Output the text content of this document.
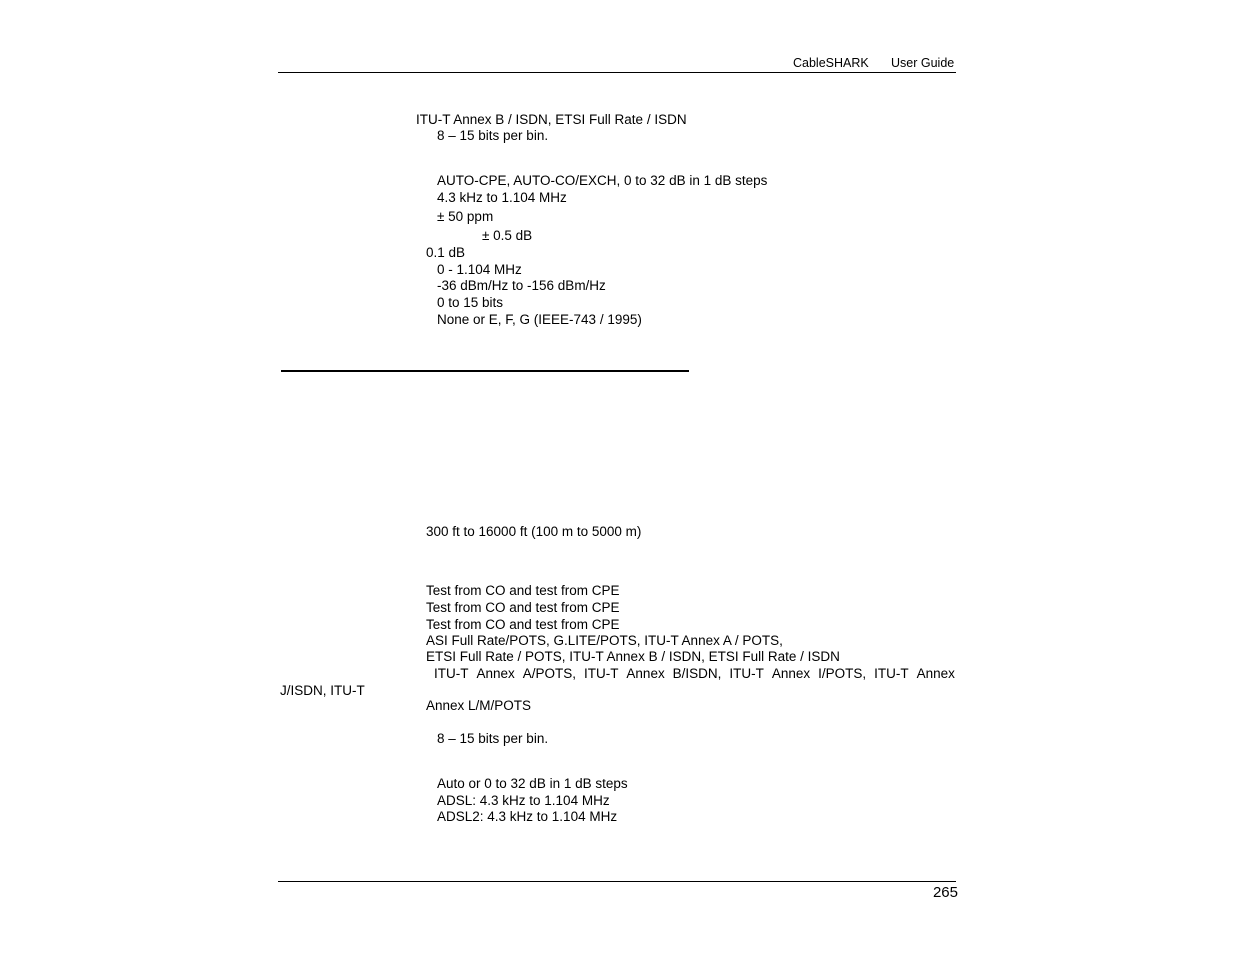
CableSHARK User Guide
ITU-T Annex B / ISDN, ETSI Full Rate / ISDN
8 – 15 bits per bin.
AUTO-CPE, AUTO-CO/EXCH, 0 to 32 dB in 1 dB steps
4.3 kHz to 1.104 MHz
± 50 ppm
± 0.5 dB
0.1 dB
0 - 1.104 MHz
-36 dBm/Hz to -156 dBm/Hz
0 to 15 bits
None or E, F, G (IEEE-743 / 1995)
300 ft to 16000 ft (100 m to 5000 m)
Test from CO and test from CPE
Test from CO and test from CPE
Test from CO and test from CPE
ASI Full Rate/POTS, G.LITE/POTS, ITU-T Annex A / POTS,
ETSI Full Rate / POTS, ITU-T Annex B / ISDN, ETSI Full Rate / ISDN
ITU-T Annex A/POTS, ITU-T Annex B/ISDN, ITU-T Annex I/POTS, ITU-T Annex
J/ISDN, ITU-T
Annex L/M/POTS
8 – 15 bits per bin.
Auto or 0 to 32 dB in 1 dB steps
ADSL: 4.3 kHz to 1.104 MHz
ADSL2: 4.3 kHz to 1.104 MHz
265
